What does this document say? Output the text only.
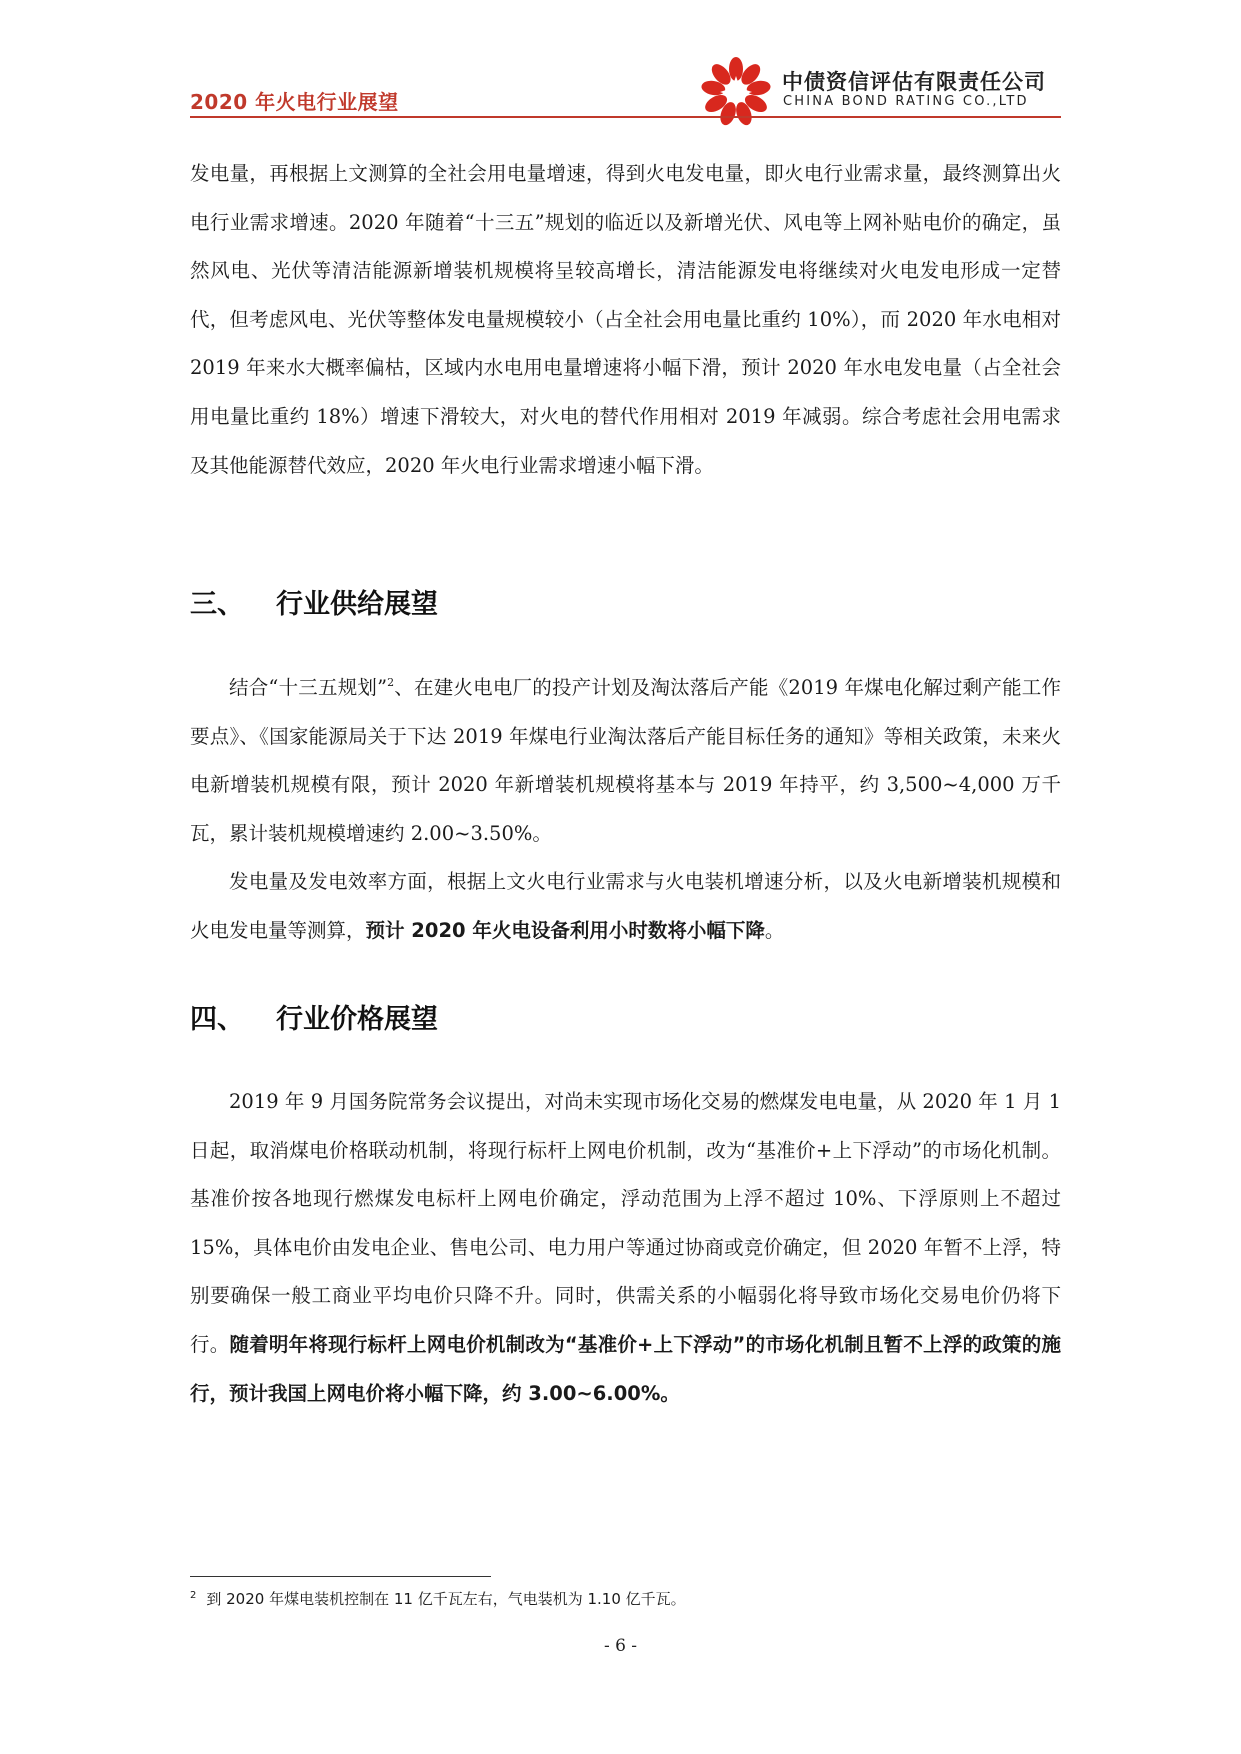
2020 年火电行业展望
中债资信评估有限责任公司
CHINA BOND RATING CO.,LTD
发电量，再根据上文测算的全社会用电量增速，得到火电发电量，即火电行业需求量，最终测算出火电行业需求增速。2020 年随着“十三五”规划的临近以及新增光伏、风电等上网补贴电价的确定，虽然风电、光伏等清洁能源新增装机规模将呈较高增长，清洁能源发电将继续对火电发电形成一定替代，但考虑风电、光伏等整体发电量规模较小（占全社会用电量比重约 10%），而 2020 年水电相对 2019 年来水大概率偏枯，区域内水电用电量增速将小幅下滑，预计 2020 年水电发电量（占全社会用电量比重约 18%）增速下滑较大，对火电的替代作用相对 2019 年减弱。综合考虑社会用电需求及其他能源替代效应，2020 年火电行业需求增速小幅下滑。
三、 行业供给展望
结合“十三五规划”$^2$、在建火电电厂的投产计划及淘汰落后产能《2019 年煤电化解过剩产能工作要点》、《国家能源局关于下达 2019 年煤电行业淘汰落后产能目标任务的通知》等相关政策，未来火电新增装机规模有限，预计 2020 年新增装机规模将基本与 2019 年持平，约 3,500~4,000 万千瓦，累计装机规模增速约 2.00~3.50%。
发电量及发电效率方面，根据上文火电行业需求与火电装机增速分析，以及火电新增装机规模和火电发电量等测算，预计 2020 年火电设备利用小时数将小幅下降。
四、 行业价格展望
2019 年 9 月国务院常务会议提出，对尚未实现市场化交易的燃煤发电电量，从 2020 年 1 月 1 日起，取消煤电价格联动机制，将现行标杆上网电价机制，改为“基准价+上下浮动”的市场化机制。基准价按各地现行燃煤发电标杆上网电价确定，浮动范围为上浮不超过 10%、下浮原则上不超过 15%，具体电价由发电企业、售电公司、电力用户等通过协商或竞价确定，但 2020 年暂不上浮，特别要确保一般工商业平均电价只降不升。同时，供需关系的小幅弱化将导致市场化交易电价仍将下行。随着明年将现行标杆上网电价机制改为“基准价+上下浮动”的市场化机制且暂不上浮的政策的施行，预计我国上网电价将小幅下降，约 3.00~6.00%。
$^2$ 到 2020 年煤电装机控制在 11 亿千瓦左右，气电装机为 1.10 亿千瓦。
- 6 -
